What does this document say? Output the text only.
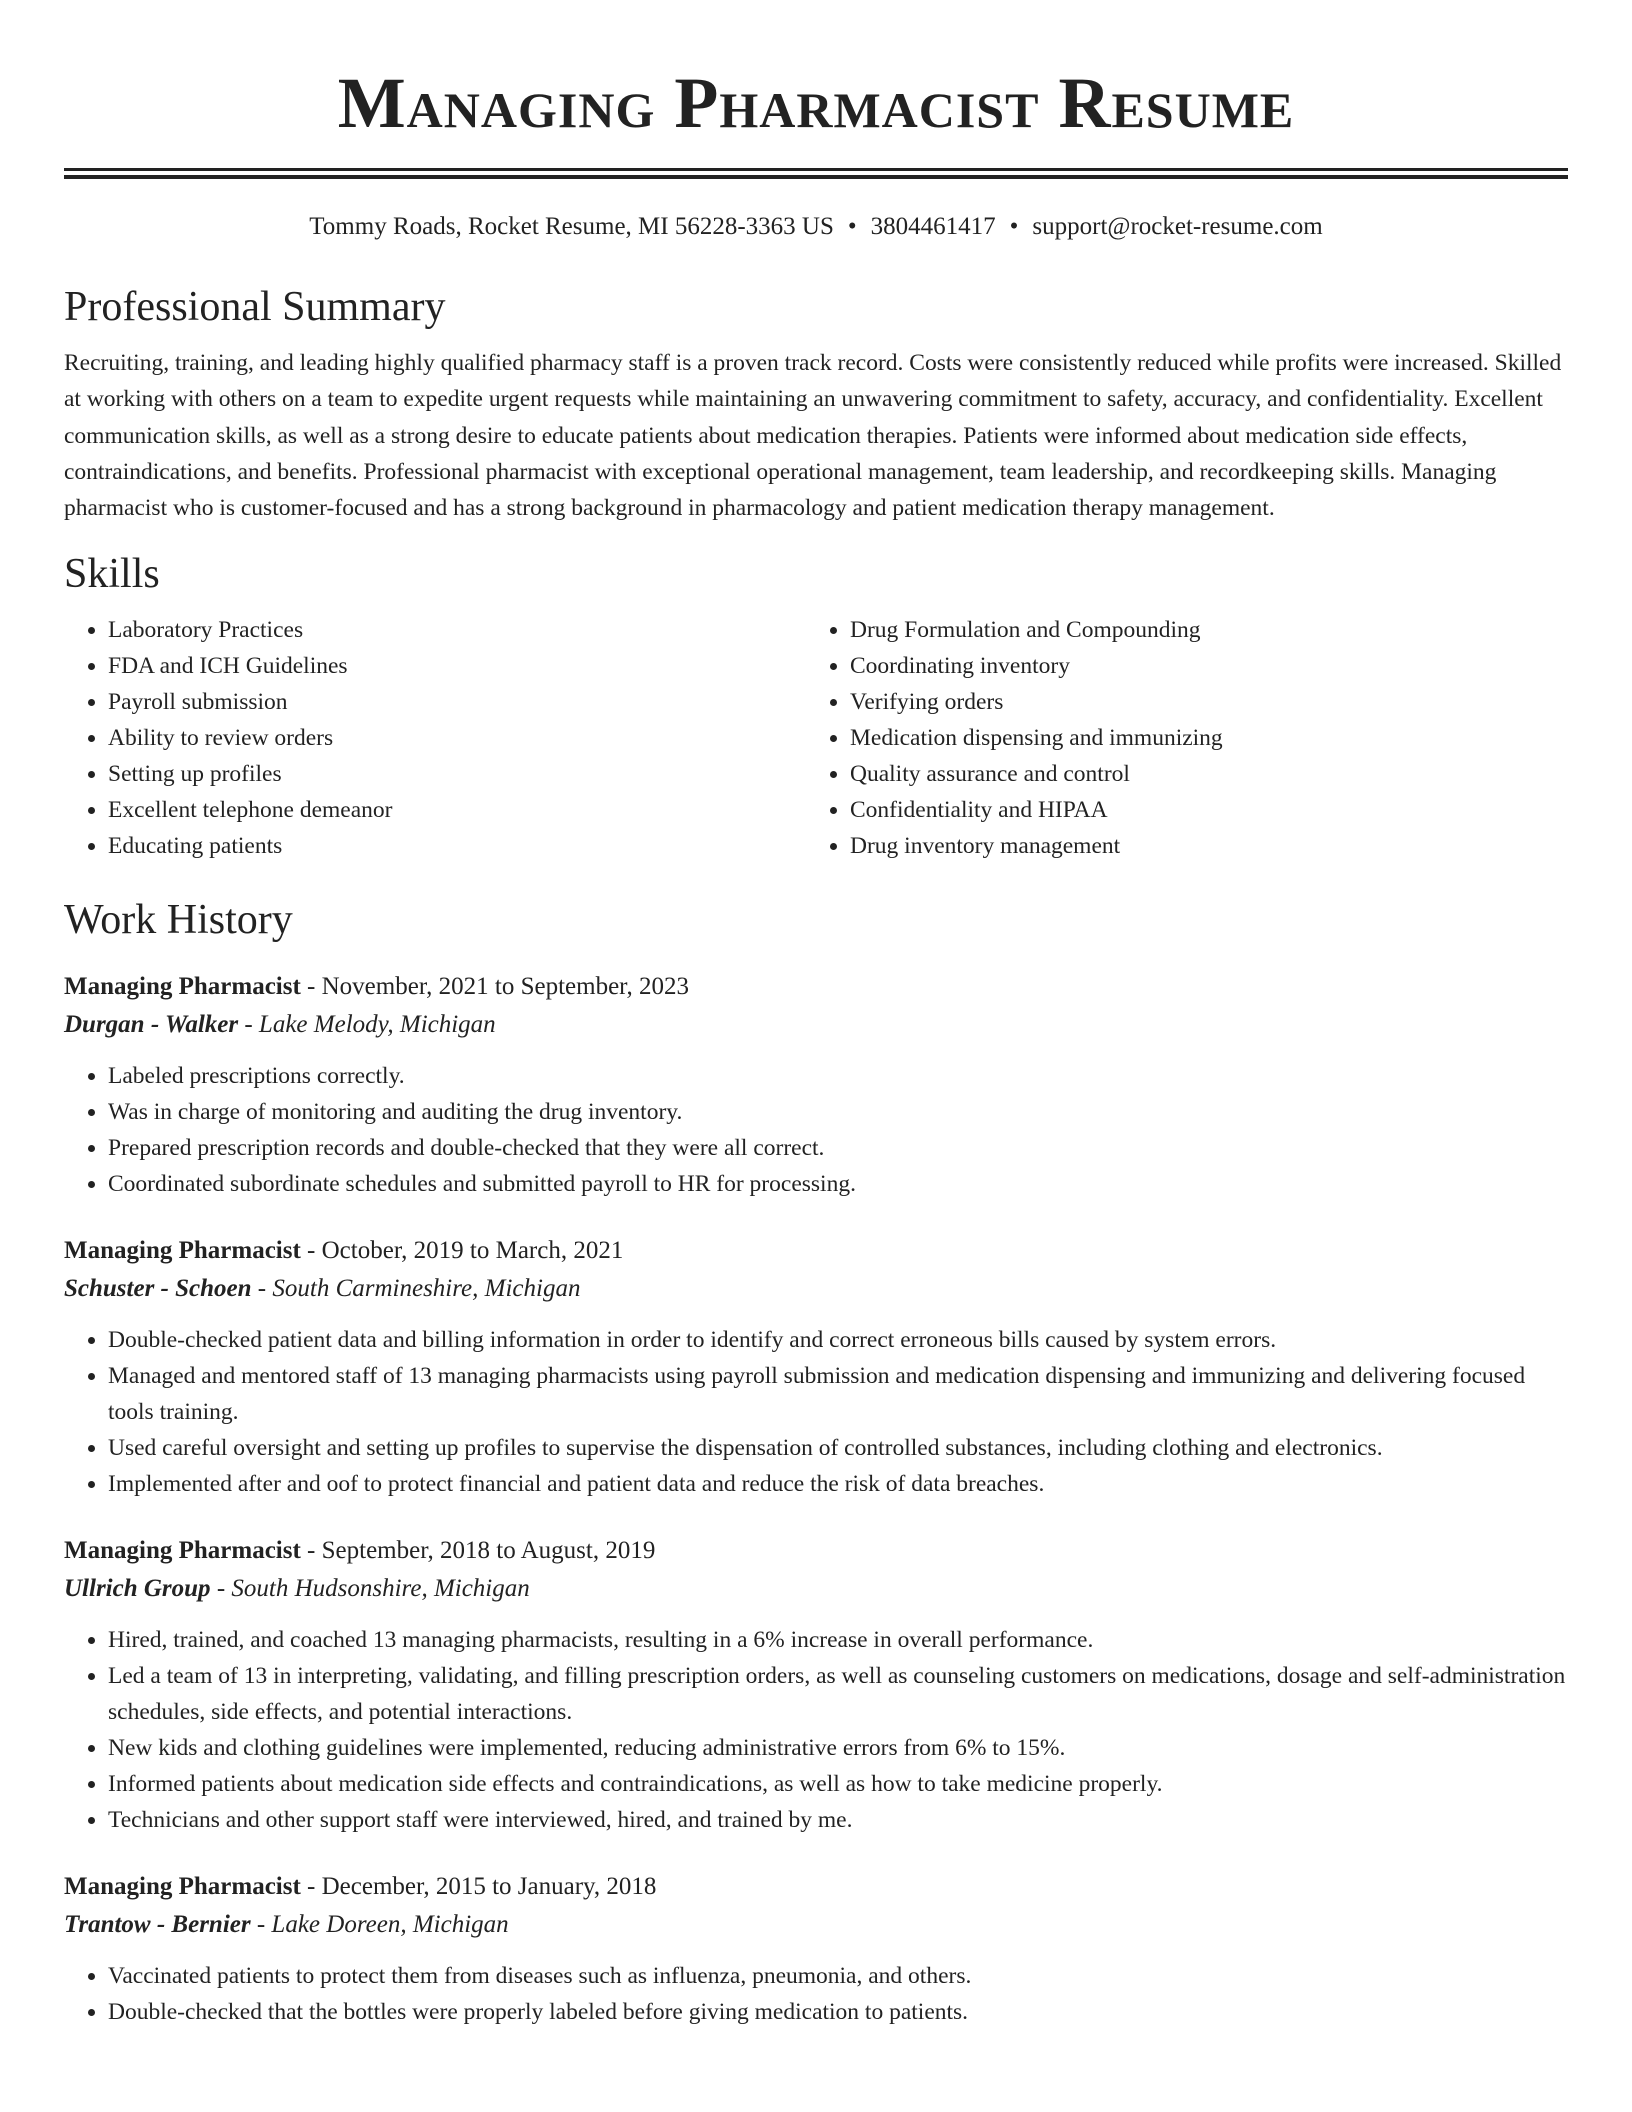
Managing Pharmacist Resume
Tommy Roads, Rocket Resume, MI 56228-3363 US • 3804461417 • support@rocket-resume.com
Professional Summary

Recruiting, training, and leading highly qualified pharmacy staff is a proven track record. Costs were consistently reduced while profits were increased. Skilled at working with others on a team to expedite urgent requests while maintaining an unwavering commitment to safety, accuracy, and confidentiality. Excellent communication skills, as well as a strong desire to educate patients about medication therapies. Patients were informed about medication side effects, contraindications, and benefits. Professional pharmacist with exceptional operational management, team leadership, and recordkeeping skills. Managing pharmacist who is customer-focused and has a strong background in pharmacology and patient medication therapy management.

Skills
• Laboratory Practices
• FDA and ICH Guidelines
• Payroll submission
• Ability to review orders
• Setting up profiles
• Excellent telephone demeanor
• Educating patients
• Drug Formulation and Compounding
• Coordinating inventory
• Verifying orders
• Medication dispensing and immunizing
• Quality assurance and control
• Confidentiality and HIPAA
• Drug inventory management
Work History
Managing Pharmacist - November, 2021 to September, 2023
Durgan - Walker - Lake Melody, Michigan
• Labeled prescriptions correctly.
• Was in charge of monitoring and auditing the drug inventory.
• Prepared prescription records and double-checked that they were all correct.
• Coordinated subordinate schedules and submitted payroll to HR for processing.
Managing Pharmacist - October, 2019 to March, 2021
Schuster - Schoen - South Carmineshire, Michigan
• Double-checked patient data and billing information in order to identify and correct erroneous bills caused by system errors.
• Managed and mentored staff of 13 managing pharmacists using payroll submission and medication dispensing and immunizing and delivering focused tools training.
• Used careful oversight and setting up profiles to supervise the dispensation of controlled substances, including clothing and electronics.
• Implemented after and oof to protect financial and patient data and reduce the risk of data breaches.
Managing Pharmacist - September, 2018 to August, 2019
Ullrich Group - South Hudsonshire, Michigan
• Hired, trained, and coached 13 managing pharmacists, resulting in a 6% increase in overall performance.
• Led a team of 13 in interpreting, validating, and filling prescription orders, as well as counseling customers on medications, dosage and self-administration schedules, side effects, and potential interactions.
• New kids and clothing guidelines were implemented, reducing administrative errors from 6% to 15%.
• Informed patients about medication side effects and contraindications, as well as how to take medicine properly.
• Technicians and other support staff were interviewed, hired, and trained by me.
Managing Pharmacist - December, 2015 to January, 2018
Trantow - Bernier - Lake Doreen, Michigan
• Vaccinated patients to protect them from diseases such as influenza, pneumonia, and others.
• Double-checked that the bottles were properly labeled before giving medication to patients.
